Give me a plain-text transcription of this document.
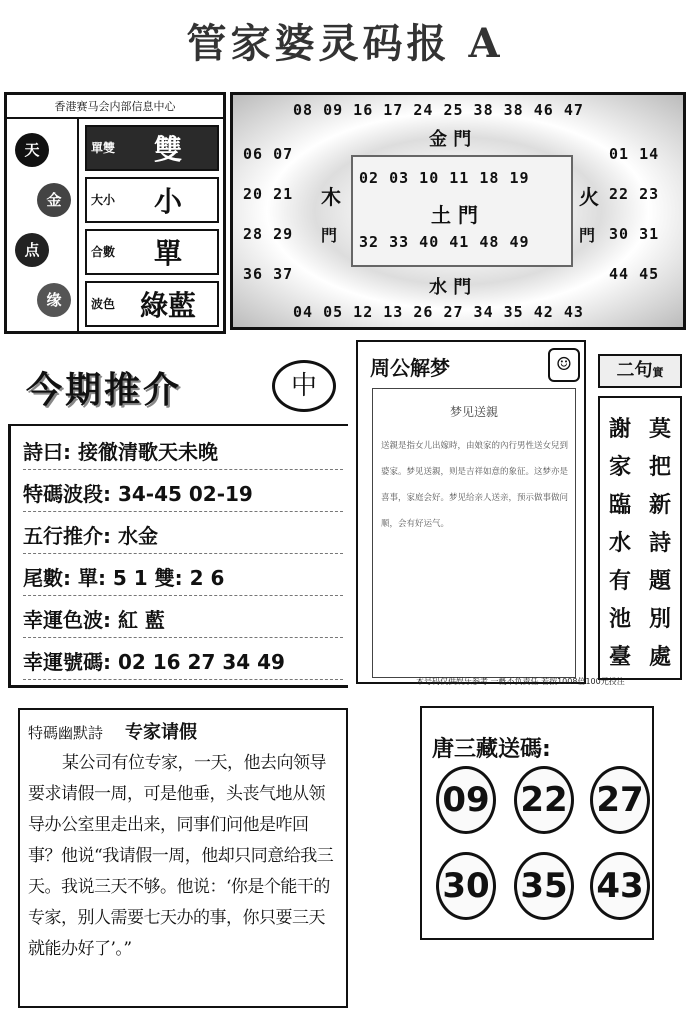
管家婆灵码报 A
香港赛马会内部信息中心
天
金
点
缘
單雙	雙
大小	小
合數	單
波色 綠藍
08 09 16 17 24 25 38 38 46 47
金 門
06 07
20 21
28 29
36 37
01 14
22 23
30 31
44 45
木
門
火
門
02 03 10 11 18 19
土 門
32 33 40 41 48 49
水 門
04 05 12 13 26 27 34 35 42 43
今期推介	中
詩曰: 接徹清歌天未晚
特碼波段: 34-45 02-19
五行推介: 水金
尾數: 單: 5 1 雙: 2 6
幸運色波: 紅 藍
幸運號碼: 02 16 27 34 49
周公解梦	☺
梦见送親
送親是指女儿出嫁時，由娘家的內行男性送女兒到婆家。梦见送親，则是吉祥如意的象征。这梦亦是喜事，家庭会好。梦见给亲人送亲，预示做事做问顺，会有好运气。
本号码仅供娱乐参考 一概不负责任 若按1008倍100元投注
二句實
莫把新詩題別處
謝家臨水有池臺
特碼幽默詩 专家请假
某公司有位专家，一天，他去向领导要求请假一周，可是他垂，头丧气地从领导办公室里走出来，同事们问他是咋回事？他说“我请假一周，他却只同意给我三天。我说三天不够。他说：‘你是个能干的专家，别人需要七天办的事，你只要三天就能办好了’。”
唐三藏送碼:
09 22 27
30 35 43
